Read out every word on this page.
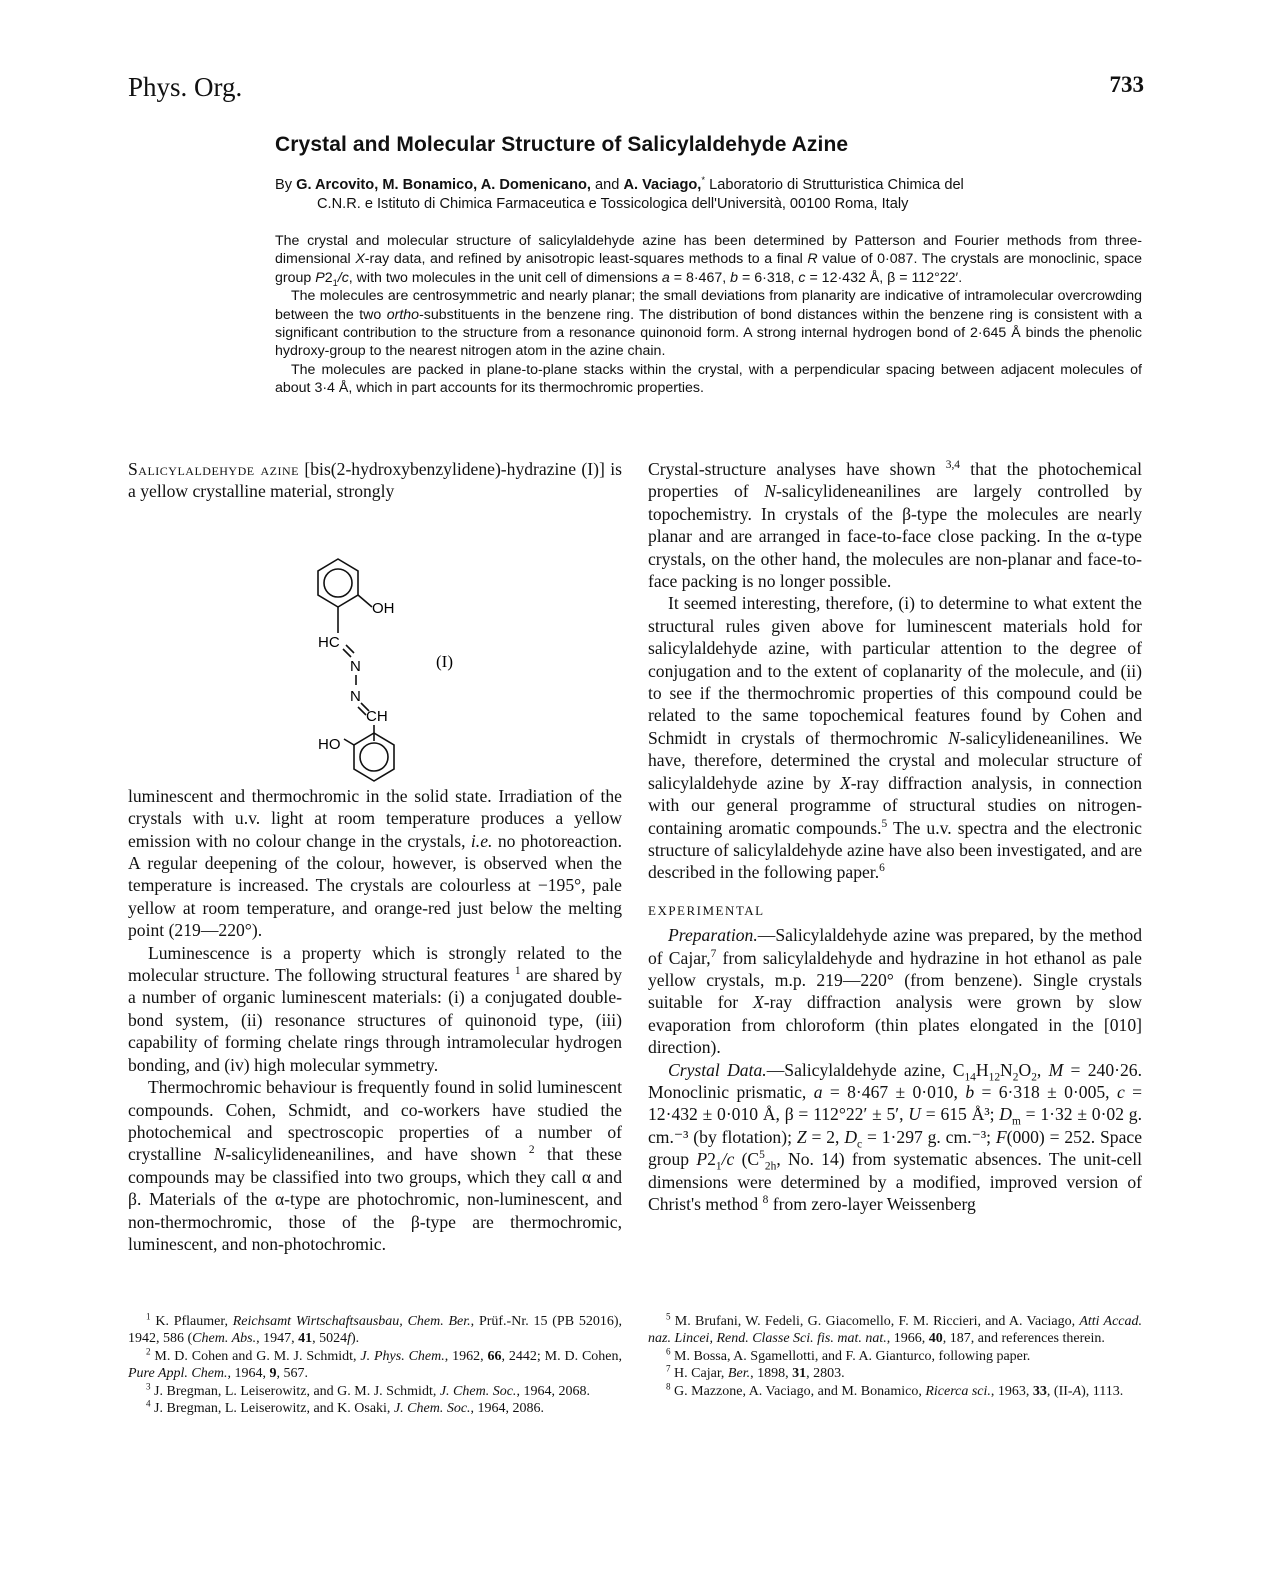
Phys. Org.	733
Crystal and Molecular Structure of Salicylaldehyde Azine
By G. Arcovito, M. Bonamico, A. Domenicano, and A. Vaciago,* Laboratorio di Strutturistica Chimica del
C.N.R. e Istituto di Chimica Farmaceutica e Tossicologica dell'Università, 00100 Roma, Italy

The crystal and molecular structure of salicylaldehyde azine has been determined by Patterson and Fourier methods from three-dimensional X-ray data, and refined by anisotropic least-squares methods to a final R value of 0·087. The crystals are monoclinic, space group $P2_1/c$, with two molecules in the unit cell of dimensions a = 8·467, b = 6·318, c = 12·432 Å, β = 112°22′.

The molecules are centrosymmetric and nearly planar; the small deviations from planarity are indicative of intramolecular overcrowding between the two ortho-substituents in the benzene ring. The distribution of bond distances within the benzene ring is consistent with a significant contribution to the structure from a resonance quinonoid form. A strong internal hydrogen bond of 2·645 Å binds the phenolic hydroxy-group to the nearest nitrogen atom in the azine chain.

The molecules are packed in plane-to-plane stacks within the crystal, with a perpendicular spacing between adjacent molecules of about 3·4 Å, which in part accounts for its thermochromic properties.

Salicylaldehyde azine [bis(2-hydroxybenzylidene)-hydrazine (I)] is a yellow crystalline material, strongly

OH
HC
N
N
CH
HO
(I)

luminescent and thermochromic in the solid state. Irradiation of the crystals with u.v. light at room temperature produces a yellow emission with no colour change in the crystals, i.e. no photoreaction. A regular deepening of the colour, however, is observed when the temperature is increased. The crystals are colourless at −195°, pale yellow at room temperature, and orange-red just below the melting point (219—220°).

Luminescence is a property which is strongly related to the molecular structure. The following structural features $^1$ are shared by a number of organic luminescent materials: (i) a conjugated double-bond system, (ii) resonance structures of quinonoid type, (iii) capability of forming chelate rings through intramolecular hydrogen bonding, and (iv) high molecular symmetry.

Thermochromic behaviour is frequently found in solid luminescent compounds. Cohen, Schmidt, and co-workers have studied the photochemical and spectroscopic properties of a number of crystalline N-salicylideneanilines, and have shown $^2$ that these compounds may be classified into two groups, which they call α and β. Materials of the α-type are photochromic, non-luminescent, and non-thermochromic, those of the β-type are thermochromic, luminescent, and non-photochromic.

Crystal-structure analyses have shown $^{3,4}$ that the photochemical properties of N-salicylideneanilines are largely controlled by topochemistry. In crystals of the β-type the molecules are nearly planar and are arranged in face-to-face close packing. In the α-type crystals, on the other hand, the molecules are non-planar and face-to-face packing is no longer possible.

It seemed interesting, therefore, (i) to determine to what extent the structural rules given above for luminescent materials hold for salicylaldehyde azine, with particular attention to the degree of conjugation and to the extent of coplanarity of the molecule, and (ii) to see if the thermochromic properties of this compound could be related to the same topochemical features found by Cohen and Schmidt in crystals of thermochromic N-salicylideneanilines. We have, therefore, determined the crystal and molecular structure of salicylaldehyde azine by X-ray diffraction analysis, in connection with our general programme of structural studies on nitrogen-containing aromatic compounds.$^5$ The u.v. spectra and the electronic structure of salicylaldehyde azine have also been investigated, and are described in the following paper.$^6$

EXPERIMENTAL

Preparation.—Salicylaldehyde azine was prepared, by the method of Cajar,$^7$ from salicylaldehyde and hydrazine in hot ethanol as pale yellow crystals, m.p. 219—220° (from benzene). Single crystals suitable for X-ray diffraction analysis were grown by slow evaporation from chloroform (thin plates elongated in the [010] direction).

Crystal Data.—Salicylaldehyde azine, $C_{14}H_{12}N_2O_2$, M = 240·26. Monoclinic prismatic, a = 8·467 ± 0·010, b = 6·318 ± 0·005, c = 12·432 ± 0·010 Å, β = 112°22′ ± 5′, U = 615 Å³; $D_m = 1\cdot 32 \pm 0\cdot 02$ g. cm.⁻³ (by flotation); Z = 2, $D_c = 1\cdot 297$ g. cm.⁻³; F(000) = 252. Space group $P2_1/c$ ($C^5_{2h}$, No. 14) from systematic absences. The unit-cell dimensions were determined by a modified, improved version of Christ's method $^8$ from zero-layer Weissenberg

$^1$ K. Pflaumer, Reichsamt Wirtschaftsausbau, Chem. Ber., Prüf.-Nr. 15 (PB 52016), 1942, 586 (Chem. Abs., 1947, 41, 5024f).

$^2$ M. D. Cohen and G. M. J. Schmidt, J. Phys. Chem., 1962, 66, 2442; M. D. Cohen, Pure Appl. Chem., 1964, 9, 567.

$^3$ J. Bregman, L. Leiserowitz, and G. M. J. Schmidt, J. Chem. Soc., 1964, 2068.

$^4$ J. Bregman, L. Leiserowitz, and K. Osaki, J. Chem. Soc., 1964, 2086.

$^5$ M. Brufani, W. Fedeli, G. Giacomello, F. M. Riccieri, and A. Vaciago, Atti Accad. naz. Lincei, Rend. Classe Sci. fis. mat. nat., 1966, 40, 187, and references therein.

$^6$ M. Bossa, A. Sgamellotti, and F. A. Gianturco, following paper.

$^7$ H. Cajar, Ber., 1898, 31, 2803.

$^8$ G. Mazzone, A. Vaciago, and M. Bonamico, Ricerca sci., 1963, 33, (II-A), 1113.
